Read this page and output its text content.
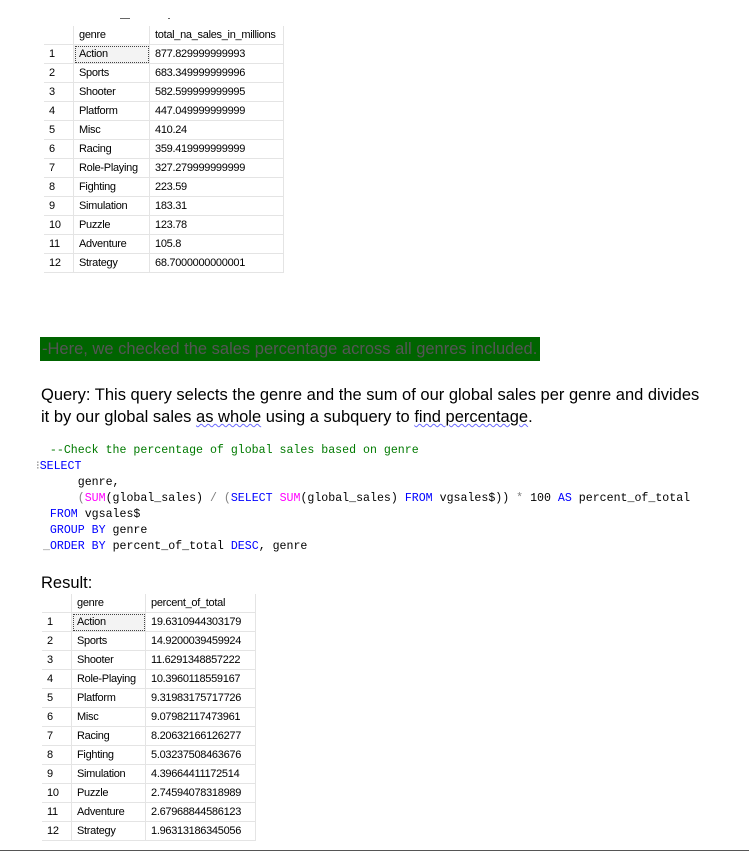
	genre	total_na_sales_in_millions
1	Action	877.829999999993
2	Sports	683.349999999996
3	Shooter	582.599999999995
4	Platform	447.049999999999
5	Misc	410.24
6	Racing	359.419999999999
7	Role-Playing	327.279999999999
8	Fighting	223.59
9	Simulation	183.31
10	Puzzle	123.78
11	Adventure	105.8
12	Strategy	68.7000000000001
-Here, we checked the sales percentage across all genres included.

Query: This query selects the genre and the sum of our global sales per genre and divides it by our global sales as whole using a subquery to find percentage.

--Check the percentage of global sales based on genre
⁝SELECT
genre,
(SUM(global_sales) / (SELECT SUM(global_sales) FROM vgsales$)) * 100 AS percent_of_total
FROM vgsales$
GROUP BY genre
_ORDER BY percent_of_total DESC, genre

Result:

	genre	percent_of_total
1	Action	19.6310944303179
2	Sports	14.9200039459924
3	Shooter	11.6291348857222
4	Role-Playing	10.3960118559167
5	Platform	9.31983175717726
6	Misc	9.07982117473961
7	Racing	8.20632166126277
8	Fighting	5.03237508463676
9	Simulation	4.39664411172514
10	Puzzle	2.74594078318989
11	Adventure	2.67968844586123
12	Strategy	1.96313186345056
